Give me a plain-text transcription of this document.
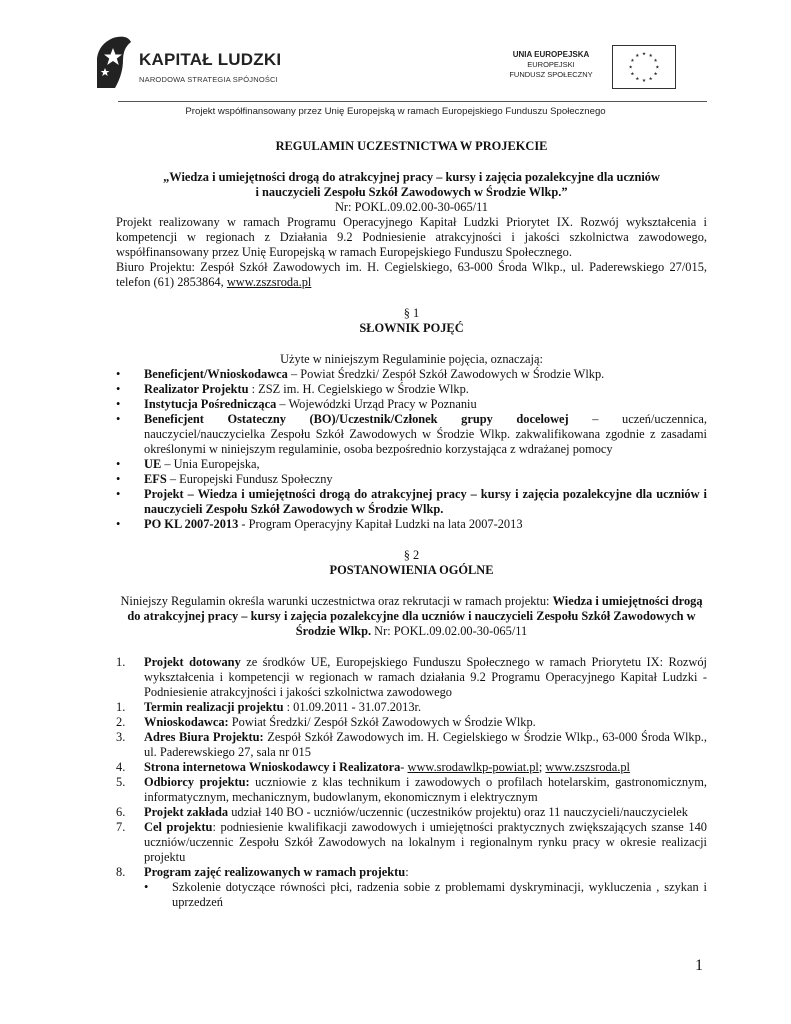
KAPITAŁ LUDZKI
NARODOWA STRATEGIA SPÓJNOŚCI
UNIA EUROPEJSKA
EUROPEJSKI
FUNDUSZ SPOŁECZNY
Projekt współfinansowany przez Unię Europejską w ramach Europejskiego Funduszu Społecznego

REGULAMIN UCZESTNICTWA W PROJEKCIE

„Wiedza i umiejętności drogą do atrakcyjnej pracy – kursy i zajęcia pozalekcyjne dla uczniów
i nauczycieli Zespołu Szkół Zawodowych w Środzie Wlkp.”

Nr: POKL.09.02.00-30-065/11

Projekt realizowany w ramach Programu Operacyjnego Kapitał Ludzki Priorytet IX. Rozwój wykształcenia i kompetencji w regionach z Działania 9.2 Podniesienie atrakcyjności i jakości szkolnictwa zawodowego, współfinansowany przez Unię Europejską w ramach Europejskiego Funduszu Społecznego.

Biuro Projektu: Zespół Szkół Zawodowych im. H. Cegielskiego, 63-000 Środa Wlkp., ul. Paderewskiego 27/015, telefon (61) 2853864, www.zszsroda.pl

§ 1

SŁOWNIK POJĘĆ

Użyte w niniejszym Regulaminie pojęcia, oznaczają:

• Beneficjent/Wnioskodawca – Powiat Średzki/ Zespół Szkół Zawodowych w Środzie Wlkp.
• Realizator Projektu : ZSZ im. H. Cegielskiego w Środzie Wlkp.
• Instytucja Pośrednicząca – Wojewódzki Urząd Pracy w Poznaniu
• Beneficjent Ostateczny (BO)/Uczestnik/Członek grupy docelowej – uczeń/uczennica, nauczyciel/nauczycielka Zespołu Szkół Zawodowych w Środzie Wlkp. zakwalifikowana zgodnie z zasadami określonymi w niniejszym regulaminie, osoba bezpośrednio korzystająca z wdrażanej pomocy
• UE – Unia Europejska,
• EFS – Europejski Fundusz Społeczny
• Projekt – Wiedza i umiejętności drogą do atrakcyjnej pracy – kursy i zajęcia pozalekcyjne dla uczniów i nauczycieli Zespołu Szkół Zawodowych w Środzie Wlkp.
• PO KL 2007-2013 - Program Operacyjny Kapitał Ludzki na lata 2007-2013

§ 2

POSTANOWIENIA OGÓLNE

Niniejszy Regulamin określa warunki uczestnictwa oraz rekrutacji w ramach projektu: Wiedza i umiejętności drogą do atrakcyjnej pracy – kursy i zajęcia pozalekcyjne dla uczniów i nauczycieli Zespołu Szkół Zawodowych w Środzie Wlkp. Nr: POKL.09.02.00-30-065/11

1. Projekt dotowany ze środków UE, Europejskiego Funduszu Społecznego w ramach Priorytetu IX: Rozwój wykształcenia i kompetencji w regionach w ramach działania 9.2 Programu Operacyjnego Kapitał Ludzki - Podniesienie atrakcyjności i jakości szkolnictwa zawodowego
1. Termin realizacji projektu : 01.09.2011 - 31.07.2013r.
2. Wnioskodawca: Powiat Średzki/ Zespół Szkół Zawodowych w Środzie Wlkp.
3. Adres Biura Projektu: Zespół Szkół Zawodowych im. H. Cegielskiego w Środzie Wlkp., 63-000 Środa Wlkp., ul. Paderewskiego 27, sala nr 015
4. Strona internetowa Wnioskodawcy i Realizatora- www.srodawlkp-powiat.pl; www.zszsroda.pl
5. Odbiorcy projektu: uczniowie z klas technikum i zawodowych o profilach hotelarskim, gastronomicznym, informatycznym, mechanicznym, budowlanym, ekonomicznym i elektrycznym
6. Projekt zakłada udział 140 BO - uczniów/uczennic (uczestników projektu) oraz 11 nauczycieli/nauczycielek
7. Cel projektu: podniesienie kwalifikacji zawodowych i umiejętności praktycznych zwiększających szanse 140 uczniów/uczennic Zespołu Szkół Zawodowych na lokalnym i regionalnym rynku pracy w okresie realizacji projektu
8. Program zajęć realizowanych w ramach projektu:
• Szkolenie dotyczące równości płci, radzenia sobie z problemami dyskryminacji, wykluczenia , szykan i uprzedzeń
1
